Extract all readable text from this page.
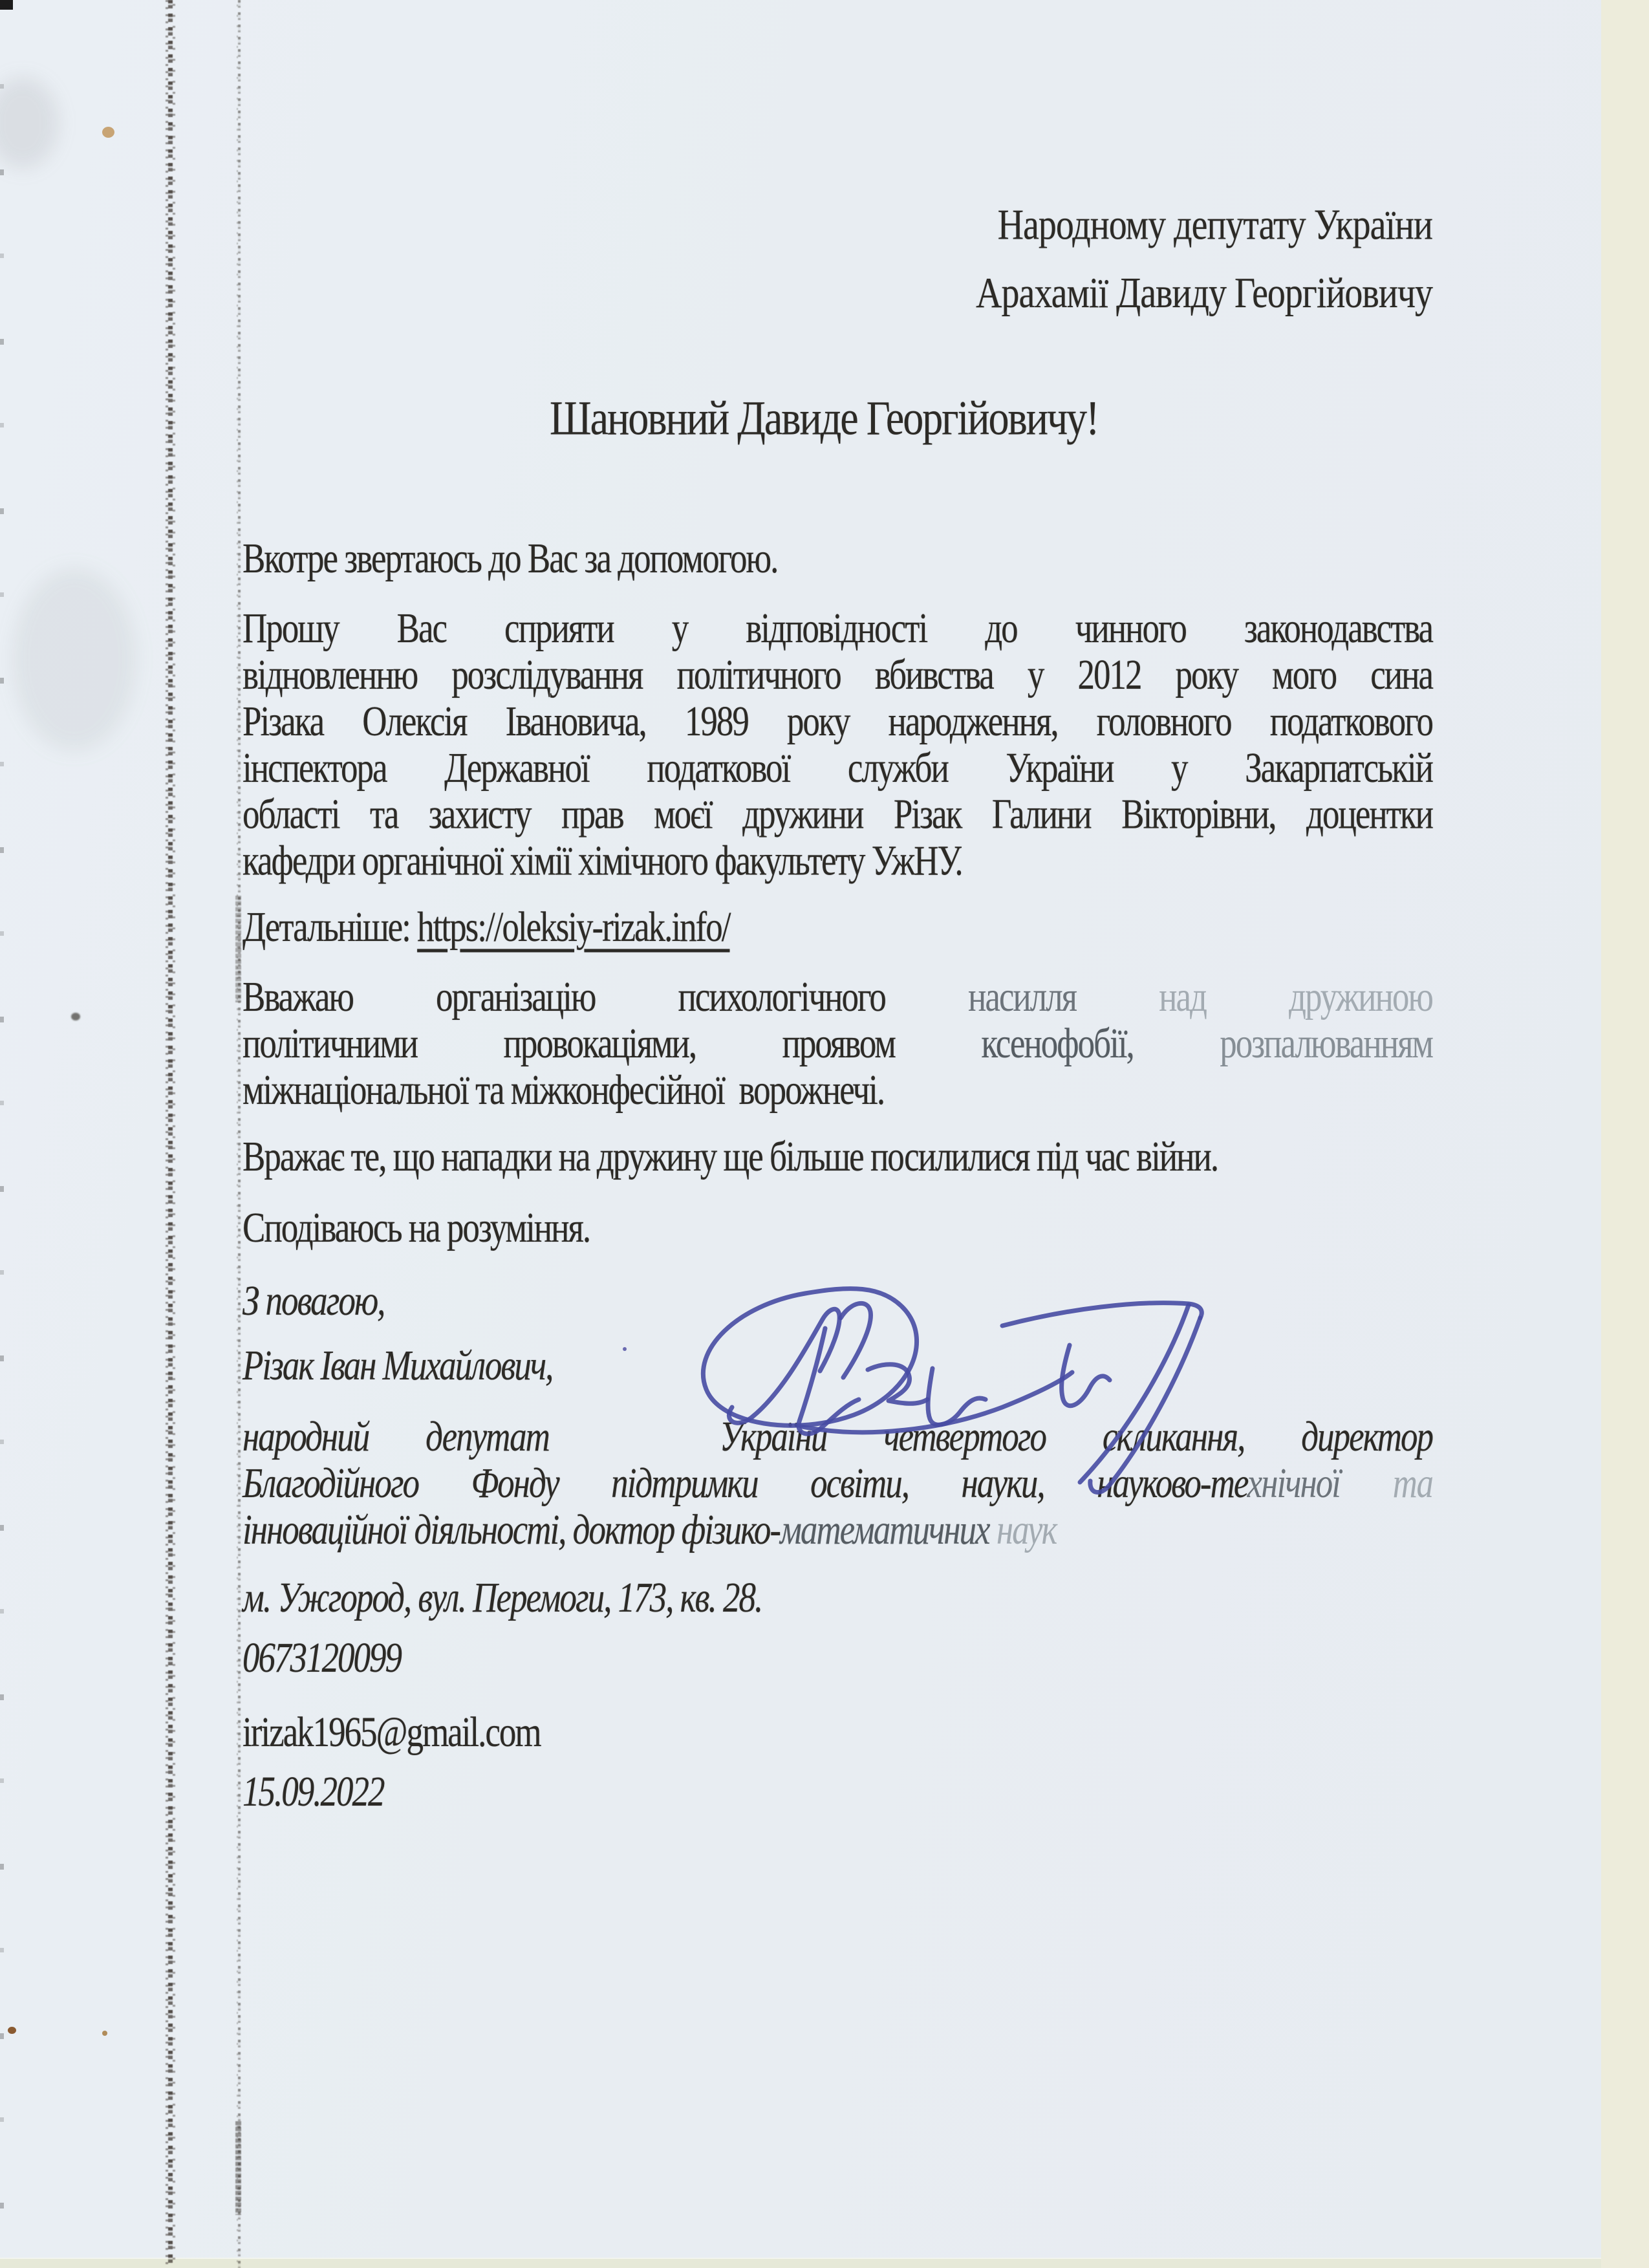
Народному депутату України
Арахамії Давиду Георгійовичу
Шановний Давиде Георгійовичу!
Вкотре звертаюсь до Вас за допомогою.
Прошу Вас сприяти у відповідності до чинного законодавства
відновленню розслідування політичного вбивства у 2012 року мого сина
Різака Олексія Івановича, 1989 року народження, головного податкового
інспектора Державної податкової служби України у Закарпатській
області та захисту прав моєї дружини Різак Галини Вікторівни, доцентки
кафедри органічної хімії хімічного факультету УжНУ.
Детальніше: https://oleksiy-rizak.info/
Вважаю організацію психологічного насилля над дружиною
політичними провокаціями, проявом ксенофобії, розпалюванням
міжнаціональної та міжконфесійної  ворожнечі.
Вражає те, що нападки на дружину ще більше посилилися під час війни.
Сподіваюсь на розуміння.
З повагою,
Різак Іван Михайлович,
народний депутат   України четвертого скликання, директор
Благодійного Фонду підтримки освіти, науки, науково-технічної та
інноваційної діяльності, доктор фізико-математичних наук
м. Ужгород, вул. Перемоги, 173, кв. 28.
0673120099
irizak1965@gmail.com
15.09.2022
